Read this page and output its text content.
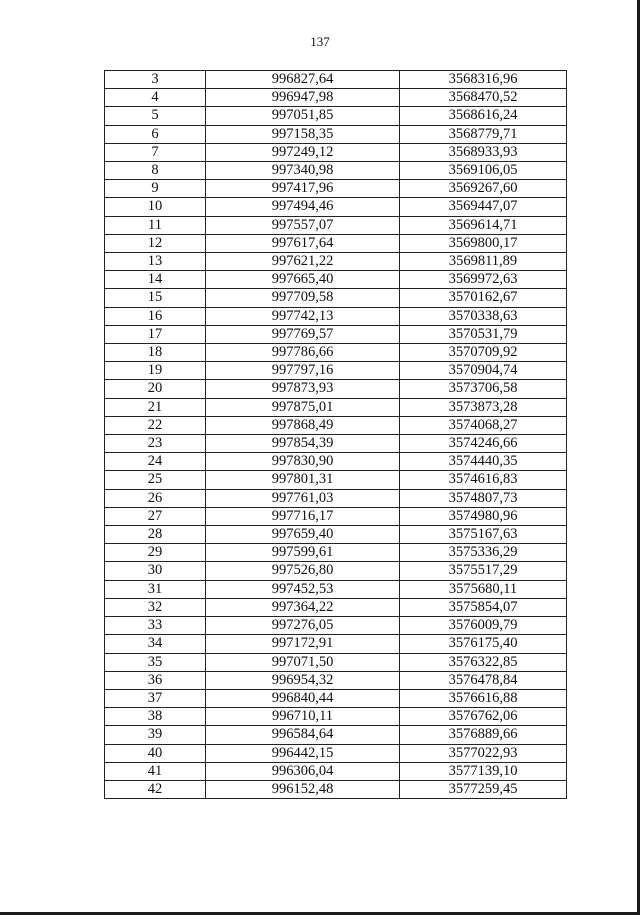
137
3	996827,64	3568316,96
4	996947,98	3568470,52
5	997051,85	3568616,24
6	997158,35	3568779,71
7	997249,12	3568933,93
8	997340,98	3569106,05
9	997417,96	3569267,60
10	997494,46	3569447,07
11	997557,07	3569614,71
12	997617,64	3569800,17
13	997621,22	3569811,89
14	997665,40	3569972,63
15	997709,58	3570162,67
16	997742,13	3570338,63
17	997769,57	3570531,79
18	997786,66	3570709,92
19	997797,16	3570904,74
20	997873,93	3573706,58
21	997875,01	3573873,28
22	997868,49	3574068,27
23	997854,39	3574246,66
24	997830,90	3574440,35
25	997801,31	3574616,83
26	997761,03	3574807,73
27	997716,17	3574980,96
28	997659,40	3575167,63
29	997599,61	3575336,29
30	997526,80	3575517,29
31	997452,53	3575680,11
32	997364,22	3575854,07
33	997276,05	3576009,79
34	997172,91	3576175,40
35	997071,50	3576322,85
36	996954,32	3576478,84
37	996840,44	3576616,88
38	996710,11	3576762,06
39	996584,64	3576889,66
40	996442,15	3577022,93
41	996306,04	3577139,10
42	996152,48	3577259,45
